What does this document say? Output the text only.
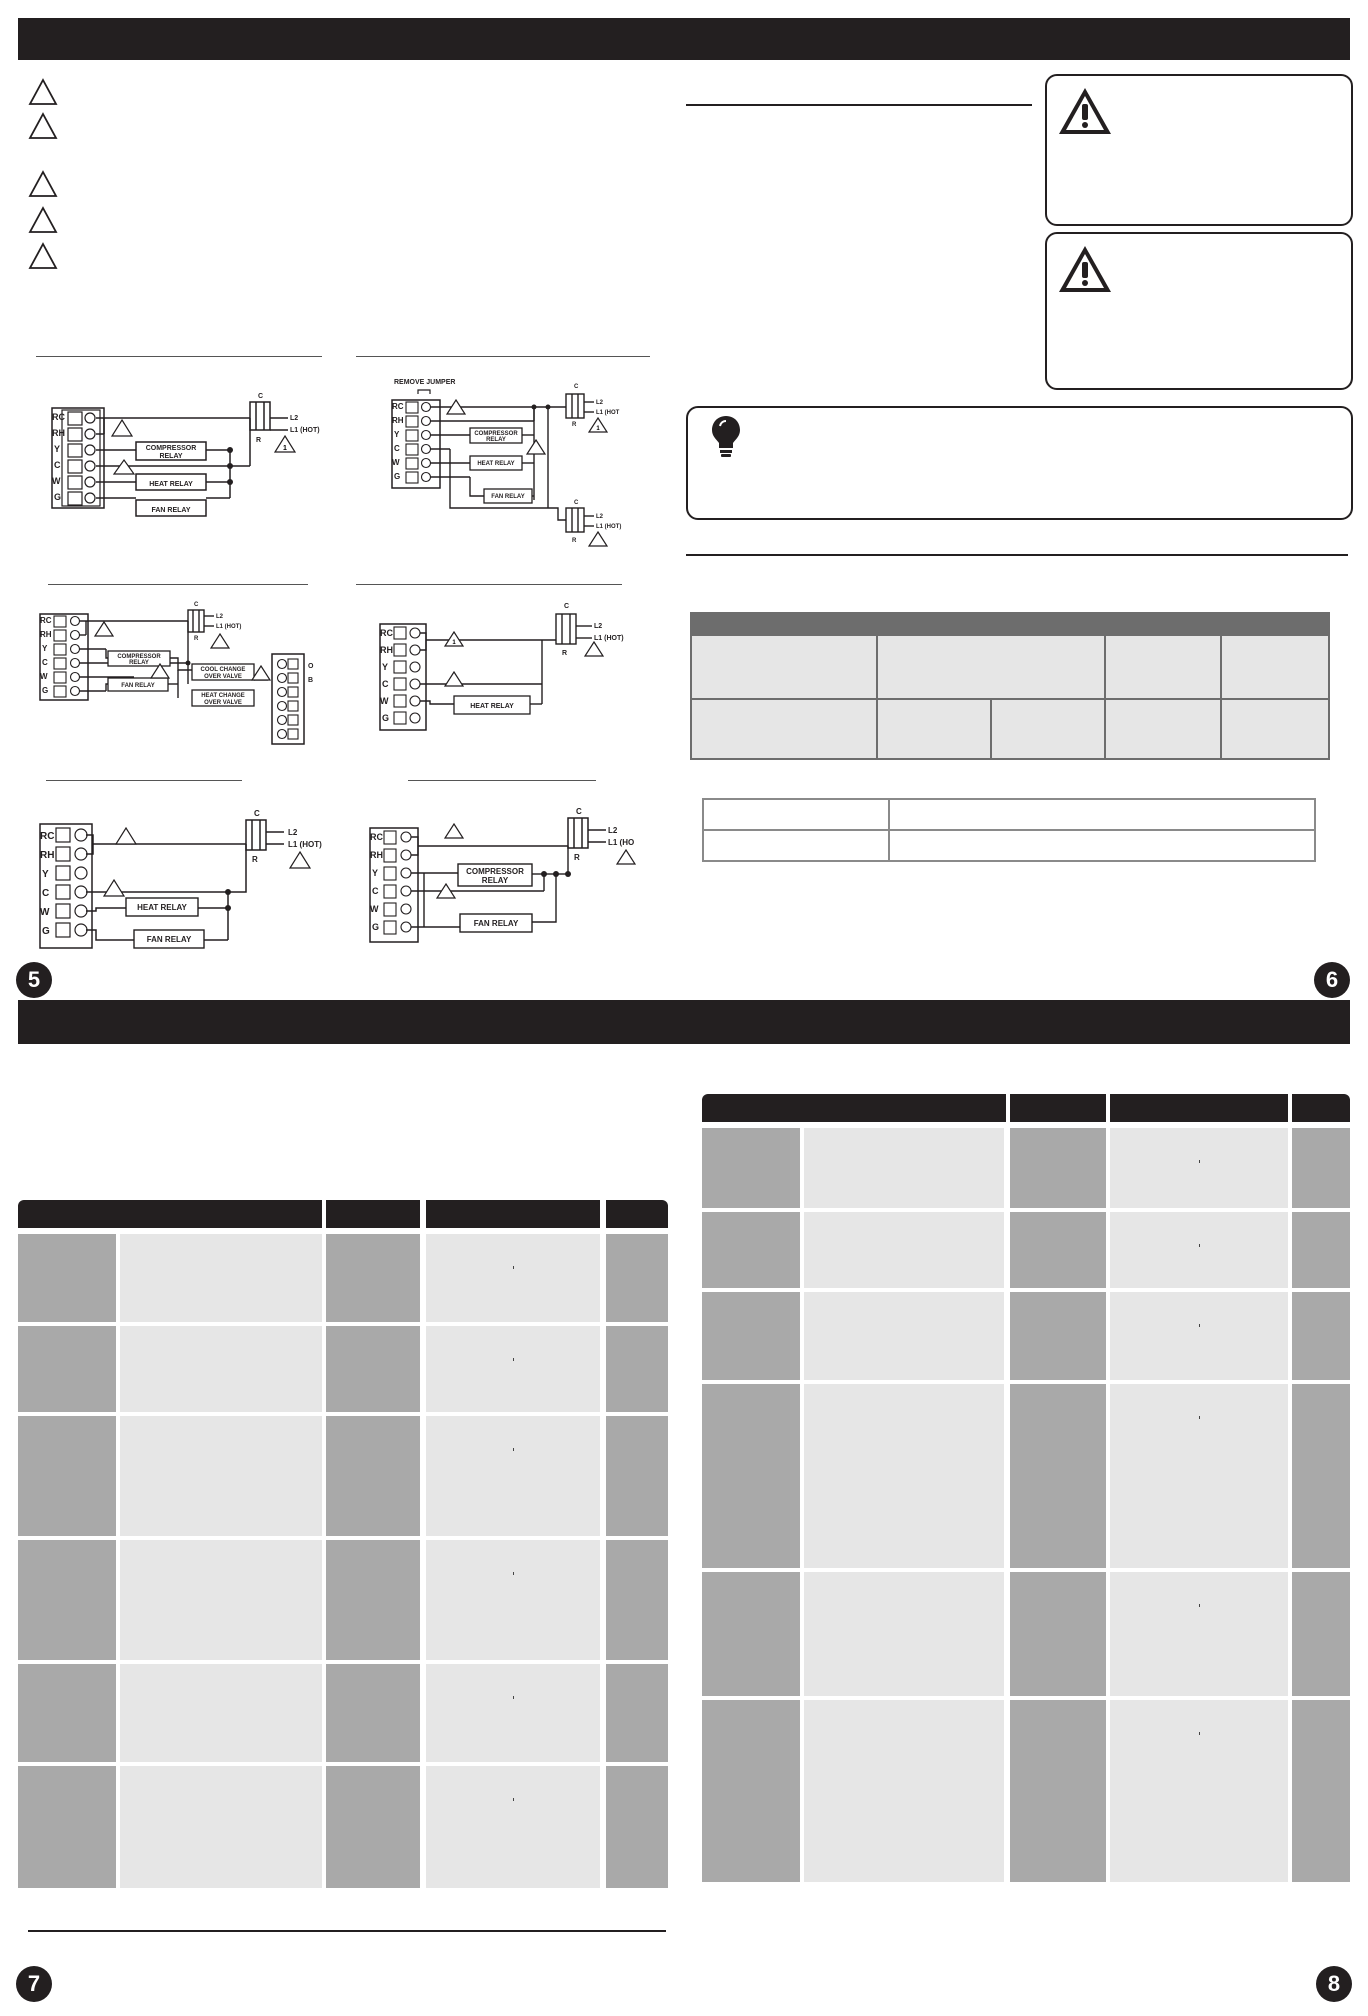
RC
RH
Y
C
W
G
COMPRESSOR
RELAY
HEAT RELAY
FAN RELAY
C
L2
L1 (HOT)
R
1
REMOVE JUMPER
RC
RH
Y
C
W
G
COMPRESSOR
RELAY
HEAT RELAY
FAN RELAY
C
L2
L1 (HOT
R
C
L2
L1 (HOT)
R
1
RC
RH
Y
C
W
G
COMPRESSOR
RELAY
FAN RELAY
COOL CHANGE
OVER VALVE
HEAT CHANGE
OVER VALVE
O
B
C
L2
L1 (HOT)
R
RC
RH
Y
C
W
G
HEAT RELAY
C
L2
L1 (HOT)
R
1
RC
RH
Y
C
W
G
HEAT RELAY
FAN RELAY
C
L2
L1 (HOT)
R
RC
RH
Y
C
W
G
COMPRESSOR
RELAY
FAN RELAY
C
L2
L1 (HO
R
5	6
7	8
